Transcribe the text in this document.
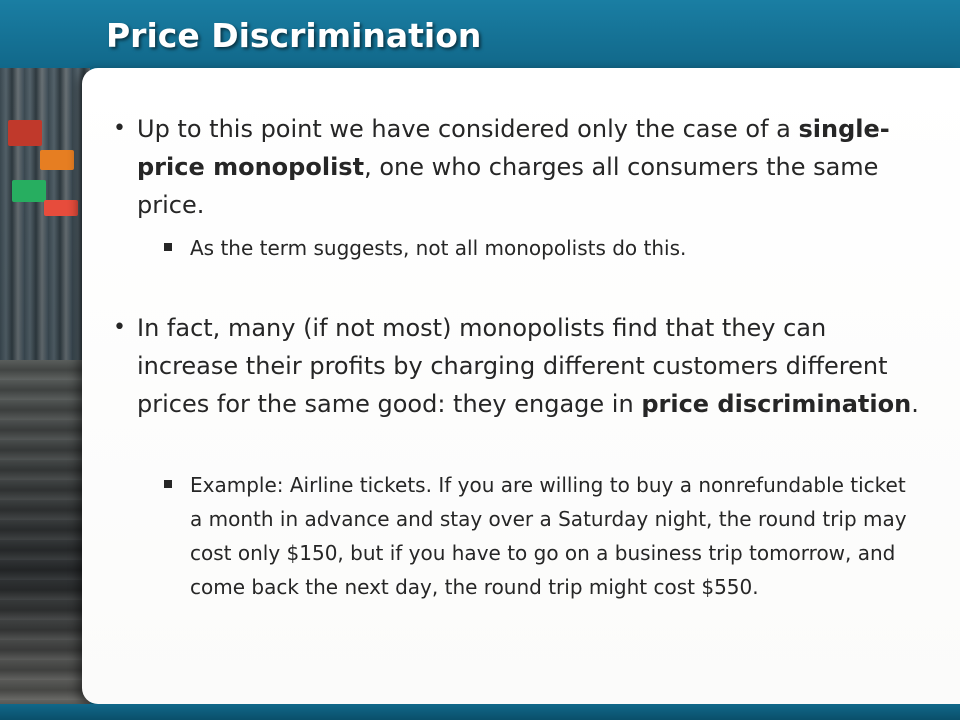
Price Discrimination
• Up to this point we have considered only the case of a single-price monopolist, one who charges all consumers the same price.
As the term suggests, not all monopolists do this.
• In fact, many (if not most) monopolists find that they can increase their profits by charging different customers different prices for the same good: they engage in price discrimination.
Example: Airline tickets. If you are willing to buy a nonrefundable ticket a month in advance and stay over a Saturday night, the round trip may cost only $150, but if you have to go on a business trip tomorrow, and come back the next day, the round trip might cost $550.
